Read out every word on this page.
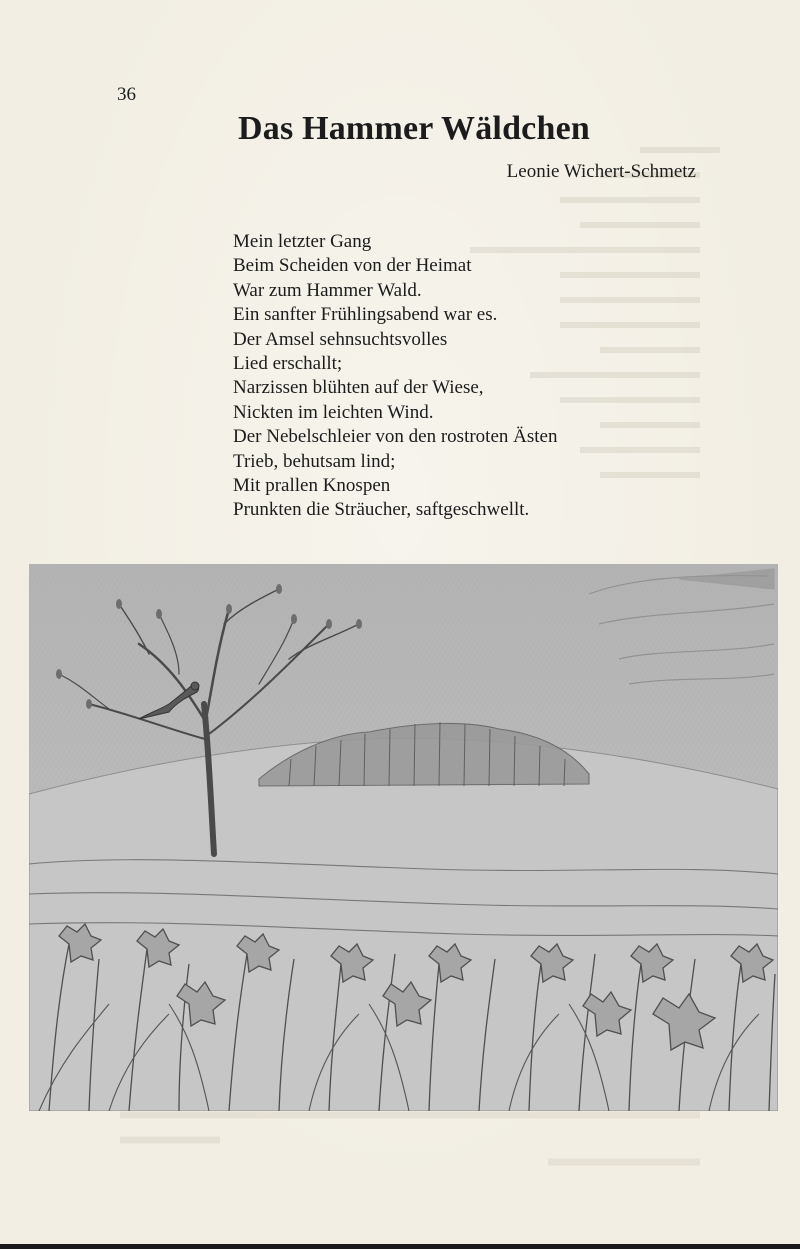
36
Das Hammer Wäldchen
Leonie Wichert-Schmetz
Mein letzter Gang
Beim Scheiden von der Heimat
War zum Hammer Wald.
Ein sanfter Frühlingsabend war es.
Der Amsel sehnsuchtsvolles
Lied erschallt;
Narzissen blühten auf der Wiese,
Nickten im leichten Wind.
Der Nebelschleier von den rostroten Ästen
Trieb, behutsam lind;
Mit prallen Knospen
Prunkten die Sträucher, saftgeschwellt.
